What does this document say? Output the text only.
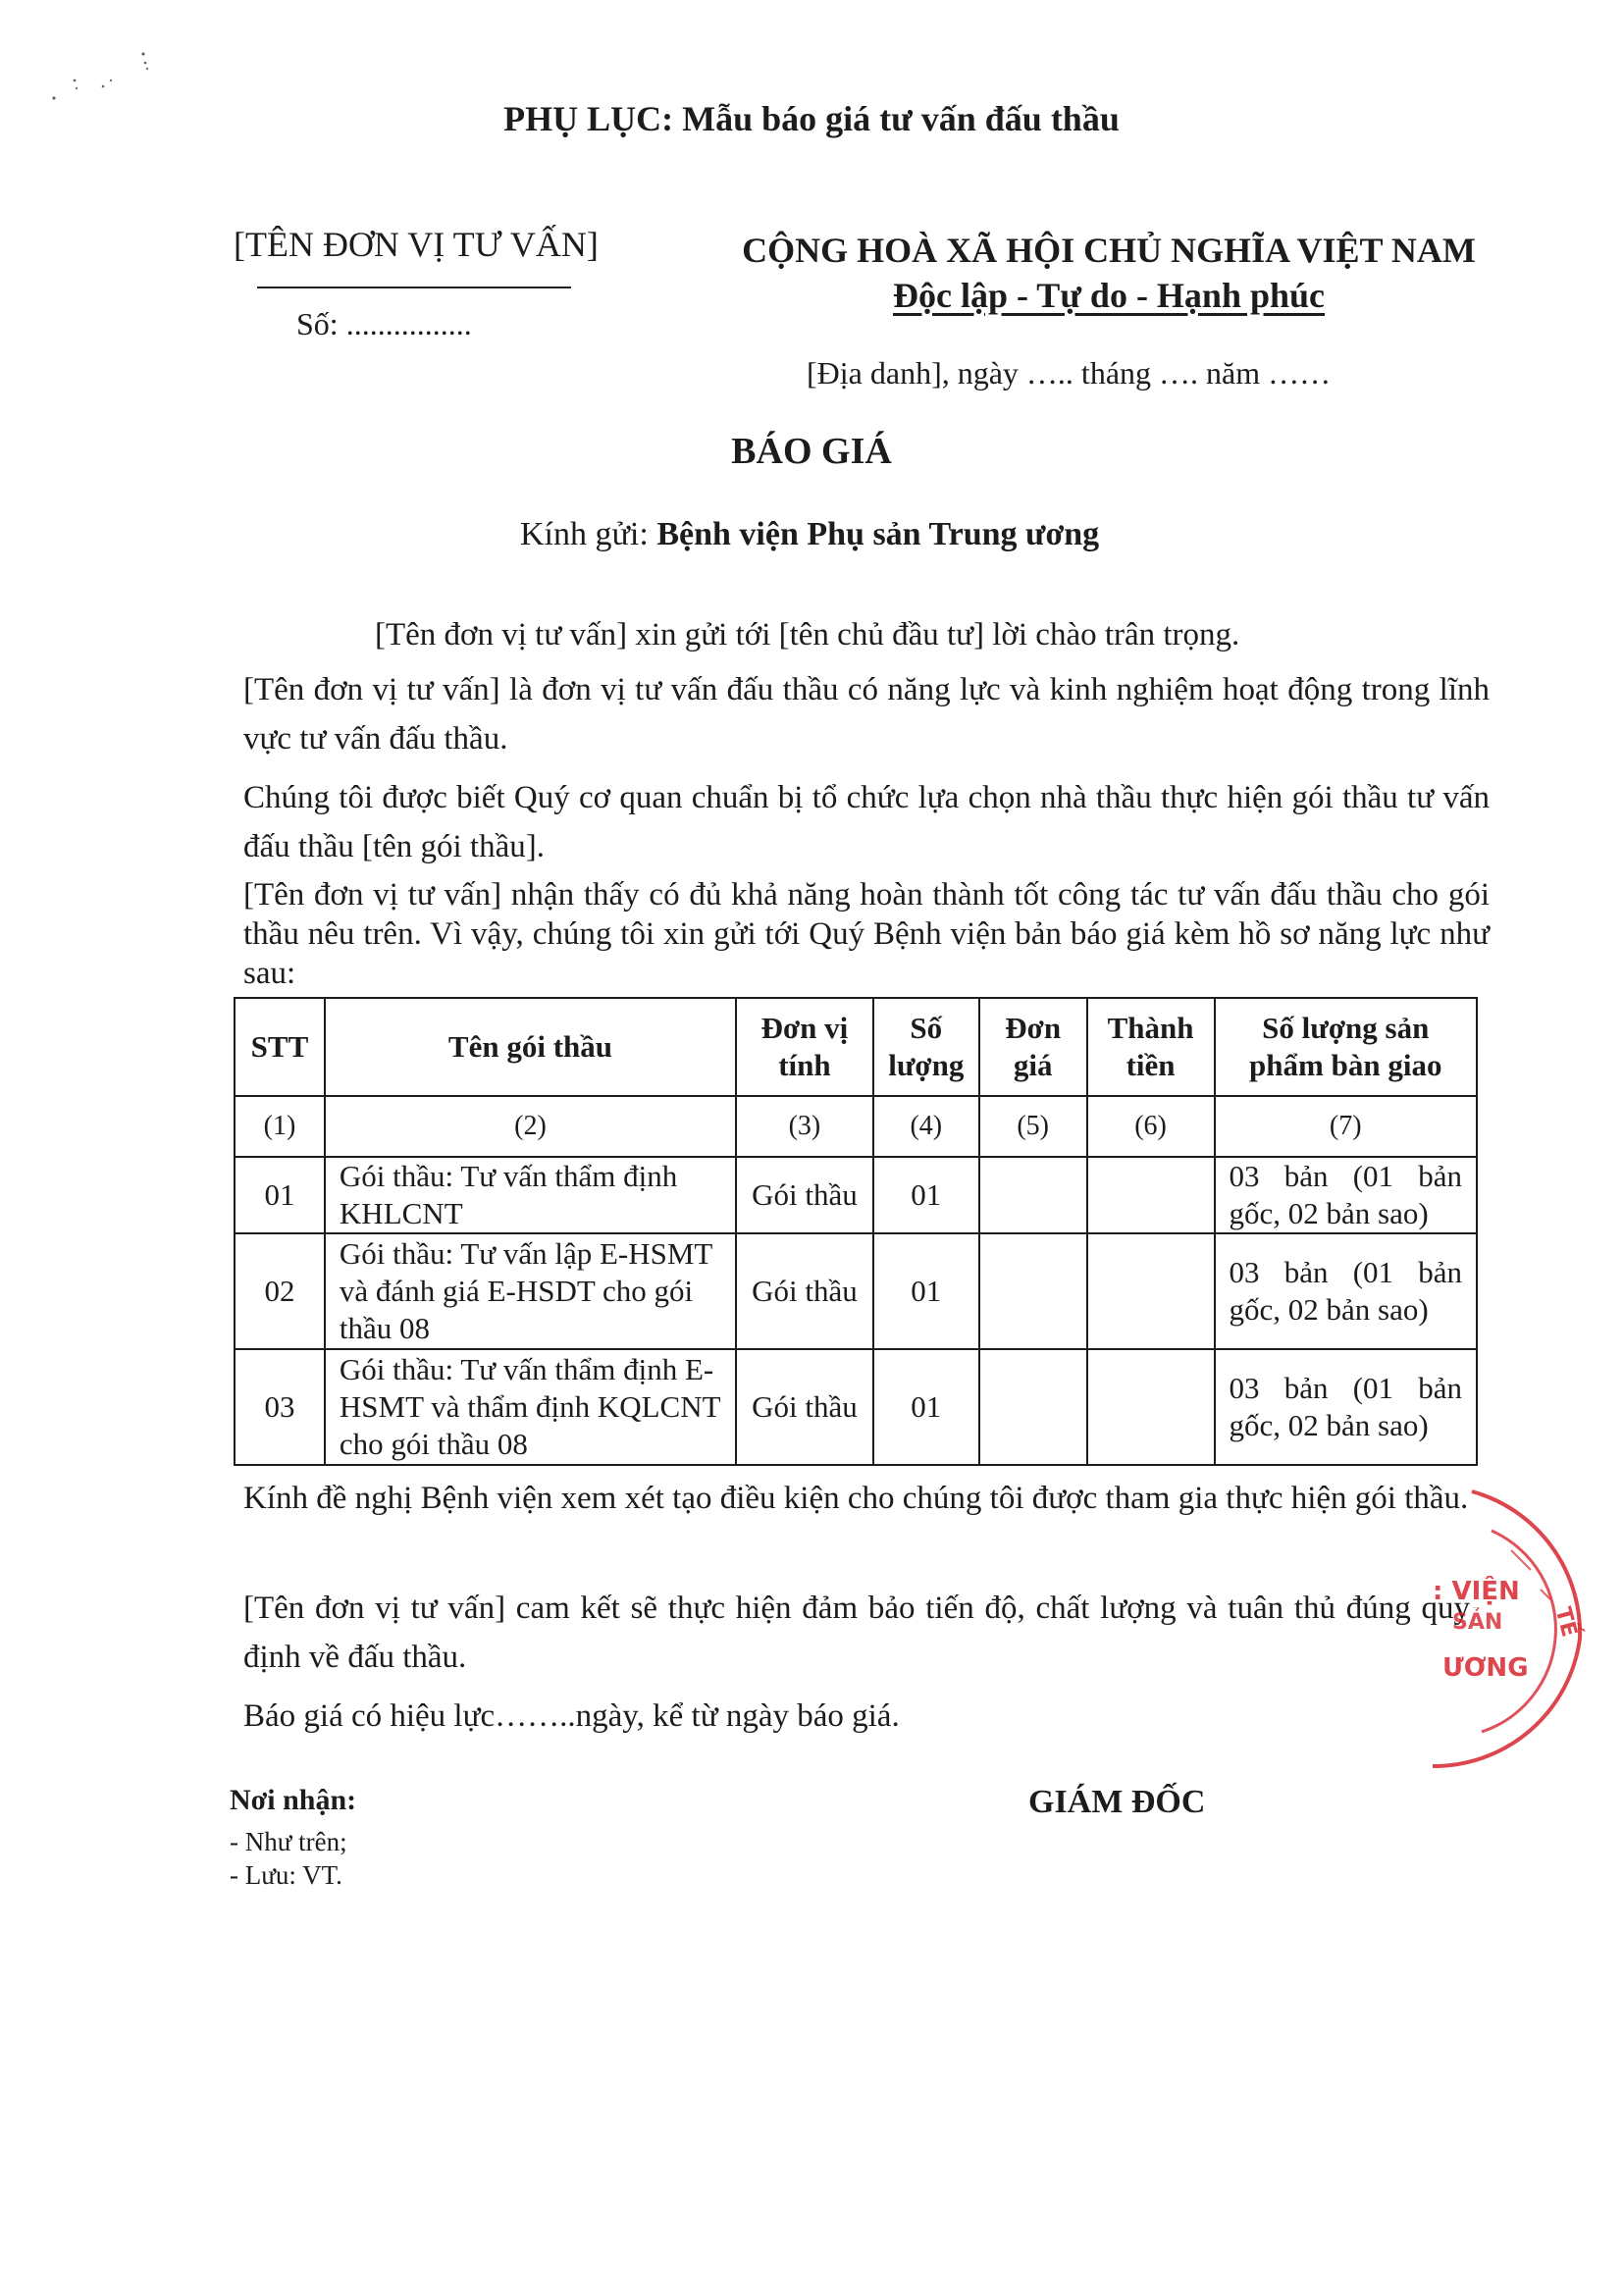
PHỤ LỤC: Mẫu báo giá tư vấn đấu thầu
[TÊN ĐƠN VỊ TƯ VẤN]
Số: ................
CỘNG HOÀ XÃ HỘI CHỦ NGHĨA VIỆT NAM
Độc lập - Tự do - Hạnh phúc
[Địa danh], ngày ….. tháng …. năm ……
BÁO GIÁ
Kính gửi: Bệnh viện Phụ sản Trung ương
[Tên đơn vị tư vấn] xin gửi tới [tên chủ đầu tư] lời chào trân trọng.
[Tên đơn vị tư vấn] là đơn vị tư vấn đấu thầu có năng lực và kinh nghiệm hoạt động trong lĩnh vực tư vấn đấu thầu.
Chúng tôi được biết Quý cơ quan chuẩn bị tổ chức lựa chọn nhà thầu thực hiện gói thầu tư vấn đấu thầu [tên gói thầu].
[Tên đơn vị tư vấn] nhận thấy có đủ khả năng hoàn thành tốt công tác tư vấn đấu thầu cho gói thầu nêu trên. Vì vậy, chúng tôi xin gửi tới Quý Bệnh viện bản báo giá kèm hồ sơ năng lực như sau:
STT	Tên gói thầu	Đơn vị tính	Số lượng	Đơn giá	Thành tiền	Số lượng sản phẩm bàn giao
(1)	(2)	(3)	(4)	(5)	(6)	(7)
01	Gói thầu: Tư vấn thẩm định KHLCNT	Gói thầu	01			03 bản (01 bản gốc, 02 bản sao)
02	Gói thầu: Tư vấn lập E-HSMT và đánh giá E-HSDT cho gói thầu 08	Gói thầu	01			03 bản (01 bản gốc, 02 bản sao)
03	Gói thầu: Tư vấn thẩm định E-HSMT và thẩm định KQLCNT cho gói thầu 08	Gói thầu	01			03 bản (01 bản gốc, 02 bản sao)
Kính đề nghị Bệnh viện xem xét tạo điều kiện cho chúng tôi được tham gia thực hiện gói thầu.
[Tên đơn vị tư vấn] cam kết sẽ thực hiện đảm bảo tiến độ, chất lượng và tuân thủ đúng quy định về đấu thầu.
Báo giá có hiệu lực……..ngày, kể từ ngày báo giá.
Nơi nhận:
- Như trên;
- Lưu: VT.
GIÁM ĐỐC
: VIỆN
SẢN
ƯƠNG
TẾ
